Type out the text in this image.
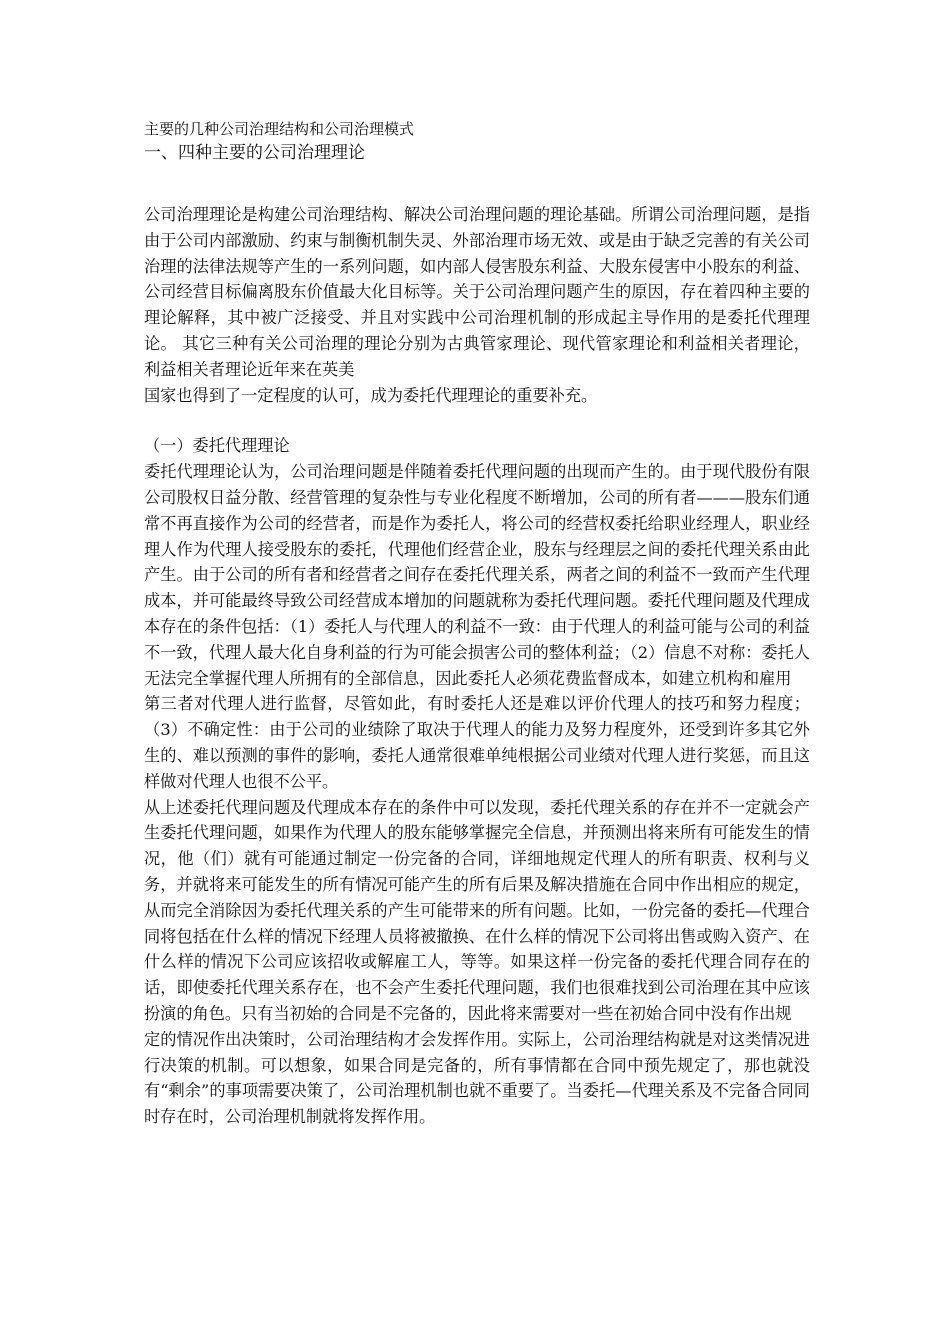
主要的几种公司治理结构和公司治理模式

一、四种主要的公司治理理论

公司治理理论是构建公司治理结构、解决公司治理问题的理论基础。所谓公司治理问题，是指由于公司内部激励、约束与制衡机制失灵、外部治理市场无效、或是由于缺乏完善的有关公司治理的法律法规等产生的一系列问题，如内部人侵害股东利益、大股东侵害中小股东的利益、公司经营目标偏离股东价值最大化目标等。关于公司治理问题产生的原因，存在着四种主要的理论解释，其中被广泛接受、并且对实践中公司治理机制的形成起主导作用的是委托代理理论。 其它三种有关公司治理的理论分别为古典管家理论、现代管家理论和利益相关者理论，利益相关者理论近年来在英美

国家也得到了一定程度的认可，成为委托代理理论的重要补充。

（一）委托代理理论

委托代理理论认为，公司治理问题是伴随着委托代理问题的出现而产生的。由于现代股份有限公司股权日益分散、经营管理的复杂性与专业化程度不断增加，公司的所有者———股东们通常不再直接作为公司的经营者，而是作为委托人，将公司的经营权委托给职业经理人，职业经理人作为代理人接受股东的委托，代理他们经营企业，股东与经理层之间的委托代理关系由此产生。由于公司的所有者和经营者之间存在委托代理关系，两者之间的利益不一致而产生代理成本，并可能最终导致公司经营成本增加的问题就称为委托代理问题。委托代理问题及代理成本存在的条件包括：（1）委托人与代理人的利益不一致：由于代理人的利益可能与公司的利益不一致，代理人最大化自身利益的行为可能会损害公司的整体利益；（2）信息不对称：委托人无法完全掌握代理人所拥有的全部信息，因此委托人必须花费监督成本，如建立机构和雇用

第三者对代理人进行监督，尽管如此，有时委托人还是难以评价代理人的技巧和努力程度；（3）不确定性：由于公司的业绩除了取决于代理人的能力及努力程度外，还受到许多其它外生的、难以预测的事件的影响，委托人通常很难单纯根据公司业绩对代理人进行奖惩，而且这样做对代理人也很不公平。

从上述委托代理问题及代理成本存在的条件中可以发现，委托代理关系的存在并不一定就会产生委托代理问题，如果作为代理人的股东能够掌握完全信息，并预测出将来所有可能发生的情况，他（们）就有可能通过制定一份完备的合同，详细地规定代理人的所有职责、权利与义务，并就将来可能发生的所有情况可能产生的所有后果及解决措施在合同中作出相应的规定，从而完全消除因为委托代理关系的产生可能带来的所有问题。比如，一份完备的委托—代理合同将包括在什么样的情况下经理人员将被撤换、在什么样的情况下公司将出售或购入资产、在什么样的情况下公司应该招收或解雇工人，等等。如果这样一份完备的委托代理合同存在的话，即使委托代理关系存在，也不会产生委托代理问题，我们也很难找到公司治理在其中应该扮演的角色。只有当初始的合同是不完备的，因此将来需要对一些在初始合同中没有作出规

定的情况作出决策时，公司治理结构才会发挥作用。实际上，公司治理结构就是对这类情况进行决策的机制。可以想象，如果合同是完备的，所有事情都在合同中预先规定了，那也就没有“剩余”的事项需要决策了，公司治理机制也就不重要了。当委托—代理关系及不完备合同同时存在时，公司治理机制就将发挥作用。
